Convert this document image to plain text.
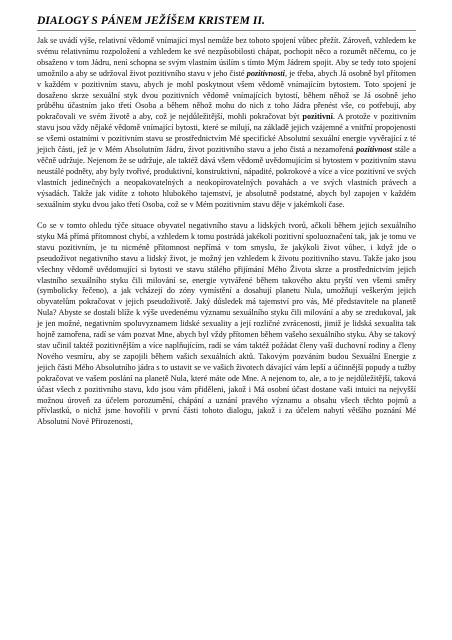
DIALOGY S PÁNEM JEŽÍŠEM KRISTEM II.

Jak se uvádí výše, relativní vědomě vnímající mysl nemůže bez tohoto spojení vůbec přežít. Zároveň, vzhledem ke svému relativnímu rozpoložení a vzhledem ke své nezpůsobilosti chápat, pochopit něco a rozumět něčemu, co je obsaženo v tom Jádru, není schopna se svým vlastním úsilím s tímto Mým Jádrem spojit. Aby se tedy toto spojení umožnilo a aby se udržoval život pozitivního stavu v jeho čisté pozitivnosti, je třeba, abych Já osobně byl přítomen v každém v pozitivním stavu, abych je mohl poskytnout všem vědomě vnímajícím bytostem. Toto spojení je dosaženo skrze sexuální styk dvou pozitivních vědomě vnímajících bytostí, během něhož se Já osobně jeho průběhu účastním jako třetí Osoba a během něhož mohu do nich z toho Jádra přenést vše, co potřebují, aby pokračovali ve svém životě a aby, což je nejdůležitější, mohli pokračovat být pozitivní. A protože v pozitivním stavu jsou vždy nějaké vědomě vnímající bytosti, které se milují, na základě jejich vzájemné a vnitřní propojenosti se všemi ostatními v pozitivním stavu se prostřednictvím Mé specifické Absolutní sexuální energie vyvěrající z té jejich části, jež je v Mém Absolutním Jádru, život pozitivního stavu a jeho čistá a nezamořená pozitivnost stále a věčně udržuje. Nejenom že se udržuje, ale taktéž dává všem vědomě uvědomujícím si bytostem v pozitivním stavu neustálé podněty, aby byly tvořivé, produktivní, konstruktivní, nápadité, pokrokové a více a více pozitivní ve svých vlastních jedinečných a neopakovatelných a neokopírovatelných povahách a ve svých vlastních právech a výsadách. Takže jak vidíte z tohoto hlubokého tajemství, je absolutně podstatné, abych byl zapojen v každém sexuálním styku dvou jako třetí Osoba, což se v Mém pozitivním stavu děje v jakémkoli čase.

Co se v tomto ohledu týče situace obyvatel negativního stavu a lidských tvorů, ačkoli během jejich sexuálního styku Má přímá přítomnost chybí, a vzhledem k tomu postrádá jakékoli pozitivní spoluoznačení tak, jak je tomu ve stavu pozitivním, je tu nicméně přítomnost nepřímá v tom smyslu, že jakýkoli život vůbec, i když jde o pseudoživot negativního stavu a lidský život, je možný jen vzhledem k životu pozitivního stavu. Takže jako jsou všechny vědomě uvědomující si bytosti ve stavu stálého přijímání Mého Života skrze a prostřednictvím jejich vlastního sexuálního styku čili milování se, energie vytvářené během takového aktu pryští ven všemi směry (symbolicky řečeno), a jak vcházejí do zóny vymístění a dosahují planetu Nula, umožňují veškerým jejich obyvatelům pokračovat v jejich pseudoživotě. Jaký důsledek má tajemství pro vás, Mé představitele na planetě Nula? Abyste se dostali blíže k výše uvedenému významu sexuálního styku čili milování a aby se zredukoval, jak je jen možné, negativním spoluvyznamem lidské sexuality a její rozličné zvrácenosti, jimiž je lidská sexualita tak hojně zamořena, radí se vám pozvat Mne, abych byl vždy přítomen během vašeho sexuálního styku. Aby se takový stav učinil taktéž pozitivnějším a více naplňujícím, radí se vám taktéž požádat členy vaší duchovní rodiny a členy Nového vesmíru, aby se zapojili během vašich sexuálních aktů. Takovým pozváním budou Sexuální Energie z jejich části Mého Absolutního jádra s to ustavit se ve vašich životech dávající vám lepší a účinnější popudy a tužby pokračovat ve vašem poslání na planetě Nula, které máte ode Mne. A nejenom to, ale, a to je nejdůležitější, taková účast všech z pozitivního stavu, kdo jsou vám přiděleni, jakož i Má osobní účast dostane vaši intuici na nejvyšší možnou úroveň za účelem porozumění, chápání a uznání pravého významu a obsahu všech těchto pojmů a přívlastků, o nichž jsme hovořili v první části tohoto dialogu, jakož i za účelem nabytí většího poznání Mé Absolutní Nové Přirozenosti,
